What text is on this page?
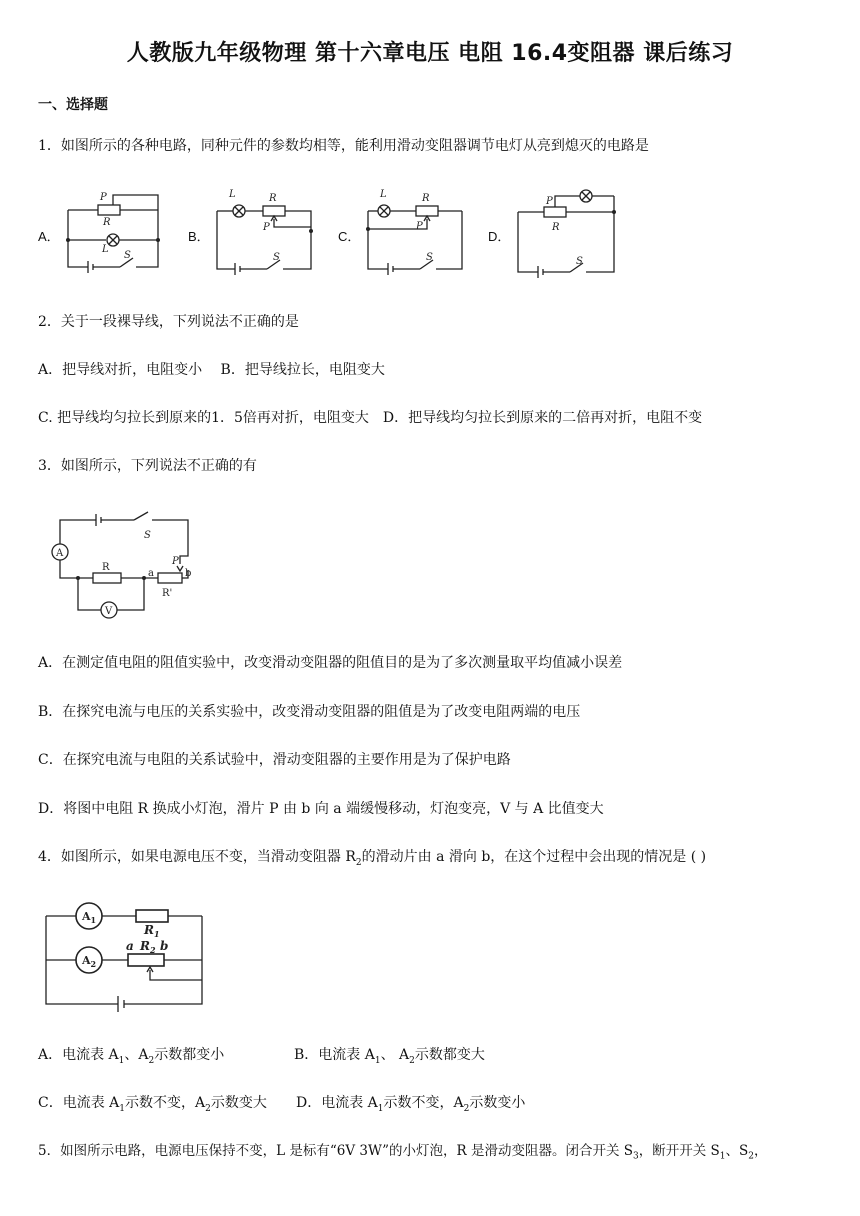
人教版九年级物理 第十六章电压 电阻 16.4变阻器 课后练习
一、选择题
1．如图所示的各种电路，同种元件的参数均相等，能利用滑动变阻器调节电灯从亮到熄灭的电路是
A．	B．	C．	D．
P
R
L
S
L	R
P
S
L	R
P
S
P
R
S
2．关于一段裸导线，下列说法不正确的是
A．把导线对折，电阻变小　 B．把导线拉长，电阻变大
C. 把导线均匀拉长到原来的1．5倍再对折，电阻变大　D．把导线均匀拉长到原来的二倍再对折，电阻不变
3．如图所示，下列说法不正确的有
A
V
S
R
P
a	b
R'
A．在测定值电阻的阻值实验中，改变滑动变阻器的阻值目的是为了多次测量取平均值减小误差
B．在探究电流与电压的关系实验中，改变滑动变阻器的阻值是为了改变电阻两端的电压
C．在探究电流与电阻的关系试验中，滑动变阻器的主要作用是为了保护电路
D．将图中电阻 R 换成小灯泡，滑片 P 由 b 向 a 端缓慢移动，灯泡变亮，V 与 A 比值变大
4．如图所示，如果电源电压不变，当滑动变阻器 $R_2$的滑动片由 a 滑向 b，在这个过程中会出现的情况是 ( )
$A_1$
$A_2$
$R_1$
a $R_2$ b
A．电流表 $A_1$、$A_2$示数都变小	B．电流表 $A_1$、 $A_2$示数都变大
C．电流表 $A_1$示数不变，$A_2$示数变大 D．电流表 $A_1$示数不变，$A_2$示数变小
5．如图所示电路，电源电压保持不变，L 是标有“6V 3W”的小灯泡，R 是滑动变阻器。闭合开关 $S_3$，断开开关 $S_1$、$S_2$，
